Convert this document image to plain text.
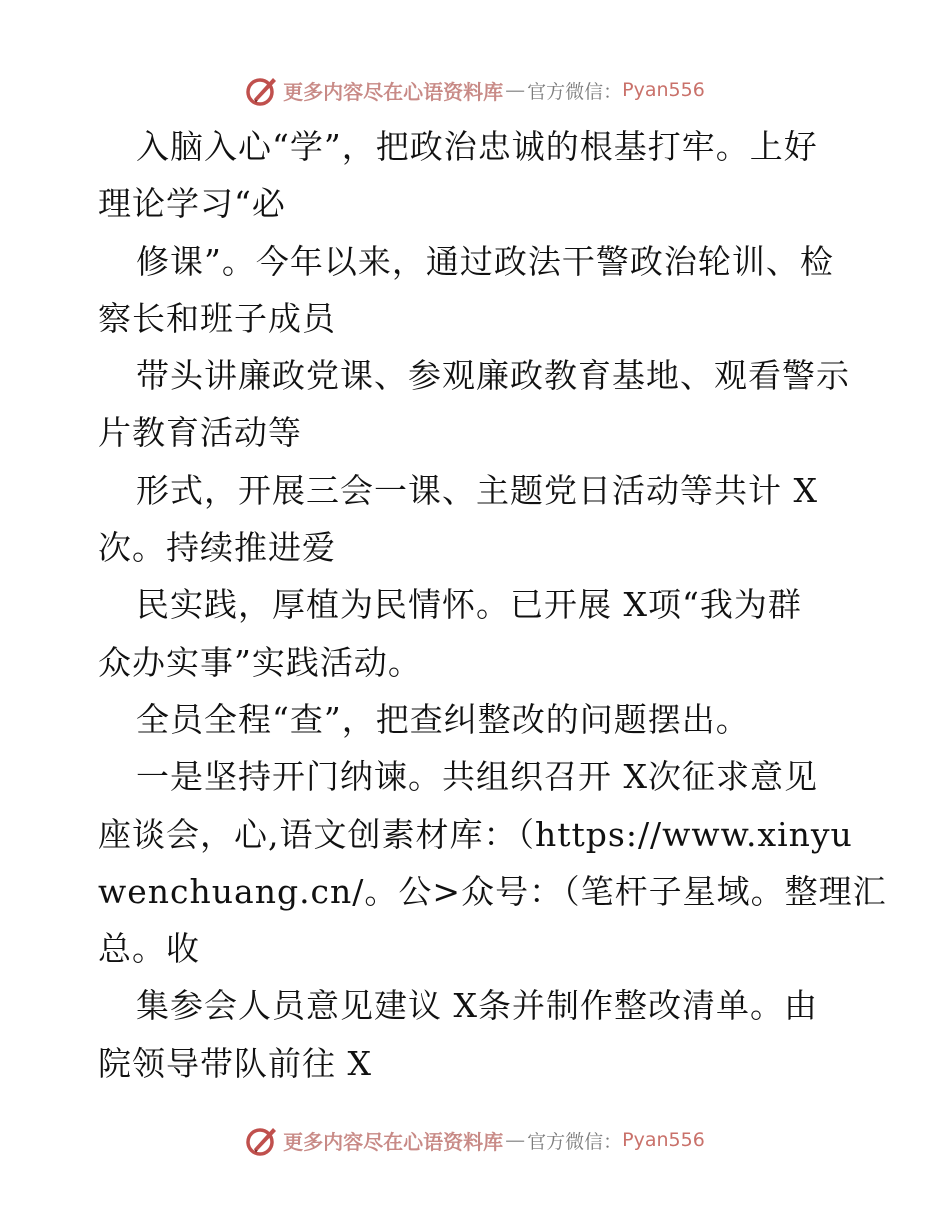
更多内容尽在心语资料库 — 官方微信： Pyan556
入脑入心“学”，把政治忠诚的根基打牢。上好
理论学习“必
修课”。今年以来，通过政法干警政治轮训、检
察长和班子成员
带头讲廉政党课、参观廉政教育基地、观看警示
片教育活动等
形式，开展三会一课、主题党日活动等共计 X
次。持续推进爱
民实践，厚植为民情怀。已开展 X项“我为群
众办实事”实践活动。
全员全程“查”，把查纠整改的问题摆出。
一是坚持开门纳谏。共组织召开 X次征求意见
座谈会，心,语文创素材库：（https://www.xinyu
wenchuang.cn/。公>众号：（笔杆子星域。整理汇
总。收
集参会人员意见建议 X条并制作整改清单。由
院领导带队前往 X
更多内容尽在心语资料库 — 官方微信： Pyan556
